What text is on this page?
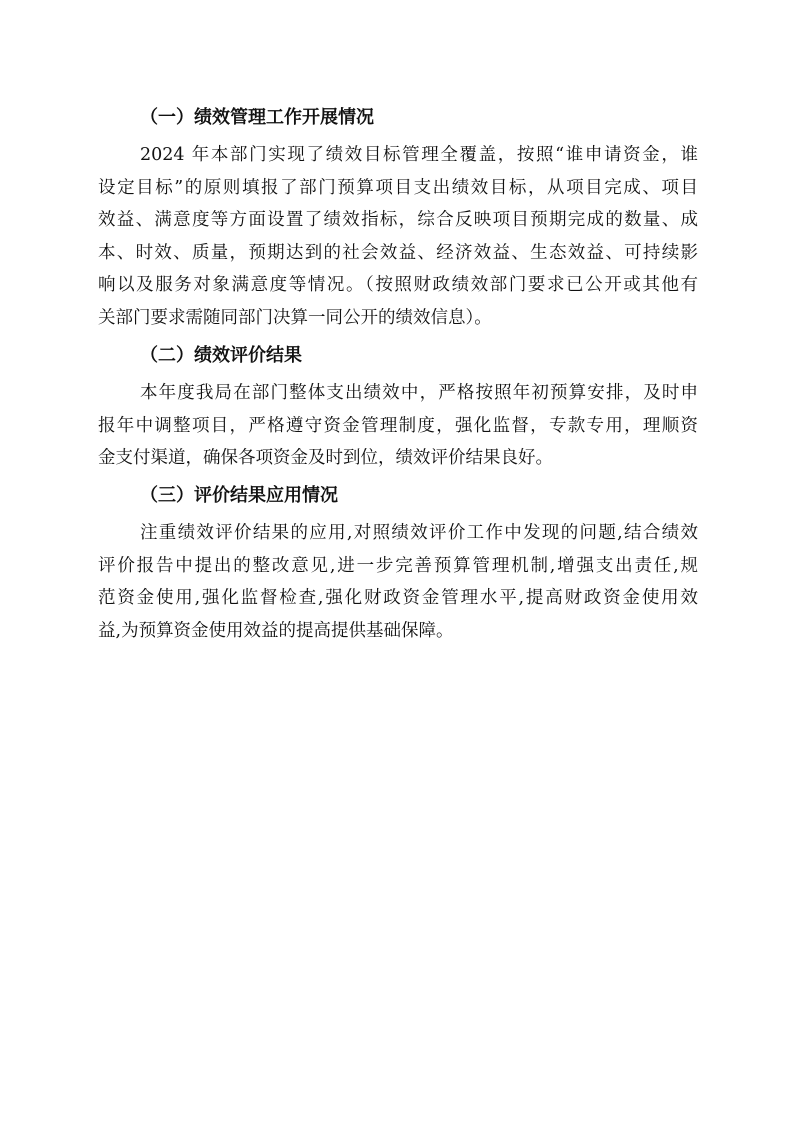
（一）绩效管理工作开展情况
2024 年本部门实现了绩效目标管理全覆盖，按照“谁申请资金，谁
设定目标”的原则填报了部门预算项目支出绩效目标，从项目完成、项目
效益、满意度等方面设置了绩效指标，综合反映项目预期完成的数量、成
本、时效、质量，预期达到的社会效益、经济效益、生态效益、可持续影
响以及服务对象满意度等情况。（按照财政绩效部门要求已公开或其他有
关部门要求需随同部门决算一同公开的绩效信息）。
（二）绩效评价结果
本年度我局在部门整体支出绩效中，严格按照年初预算安排，及时申
报年中调整项目，严格遵守资金管理制度，强化监督，专款专用，理顺资
金支付渠道，确保各项资金及时到位，绩效评价结果良好。
（三）评价结果应用情况
注重绩效评价结果的应用,对照绩效评价工作中发现的问题,结合绩效
评价报告中提出的整改意见,进一步完善预算管理机制,增强支出责任,规
范资金使用,强化监督检查,强化财政资金管理水平,提高财政资金使用效
益,为预算资金使用效益的提高提供基础保障。
